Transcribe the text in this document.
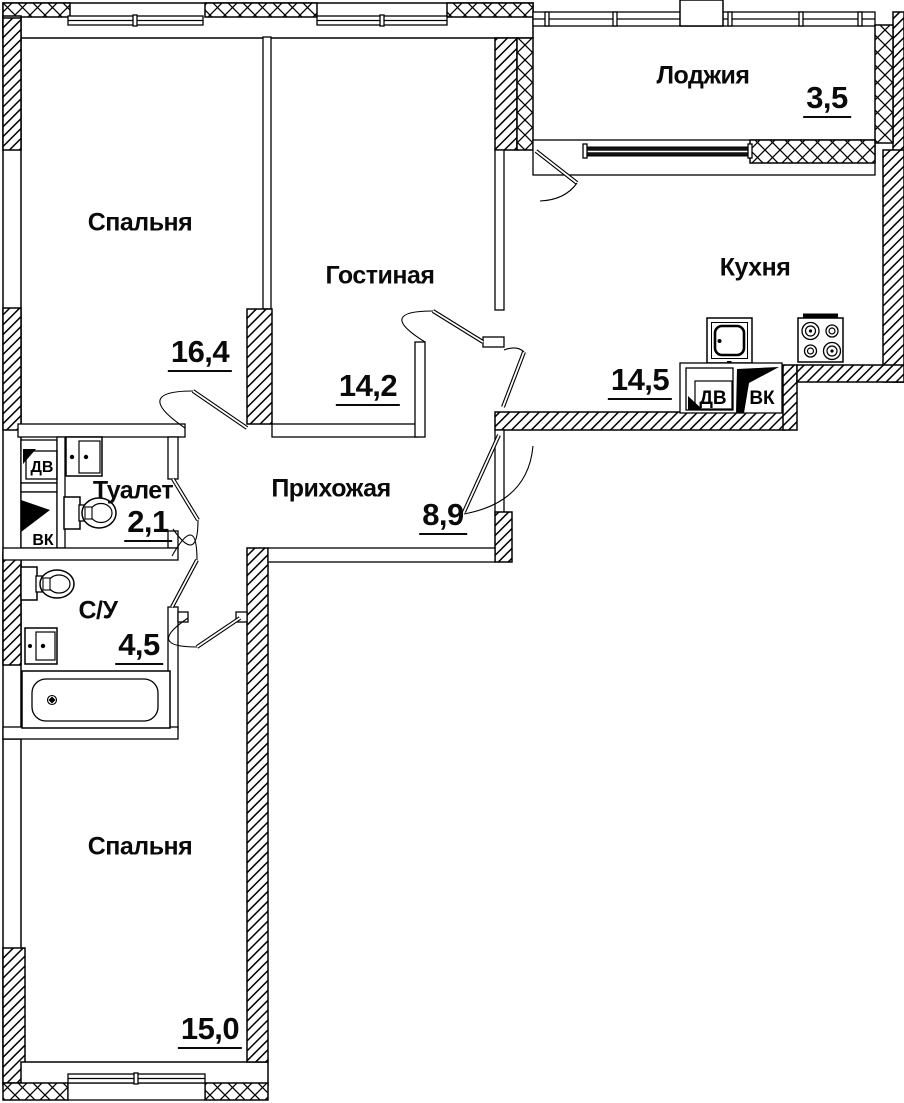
ДВ ВК
ДВ
ВК
Спальня
16,4
Гостиная
14,2
Лоджия
3,5
Кухня
14,5
Прихожая
8,9
Туалет
2,1
С/У
4,5
Спальня
15,0
